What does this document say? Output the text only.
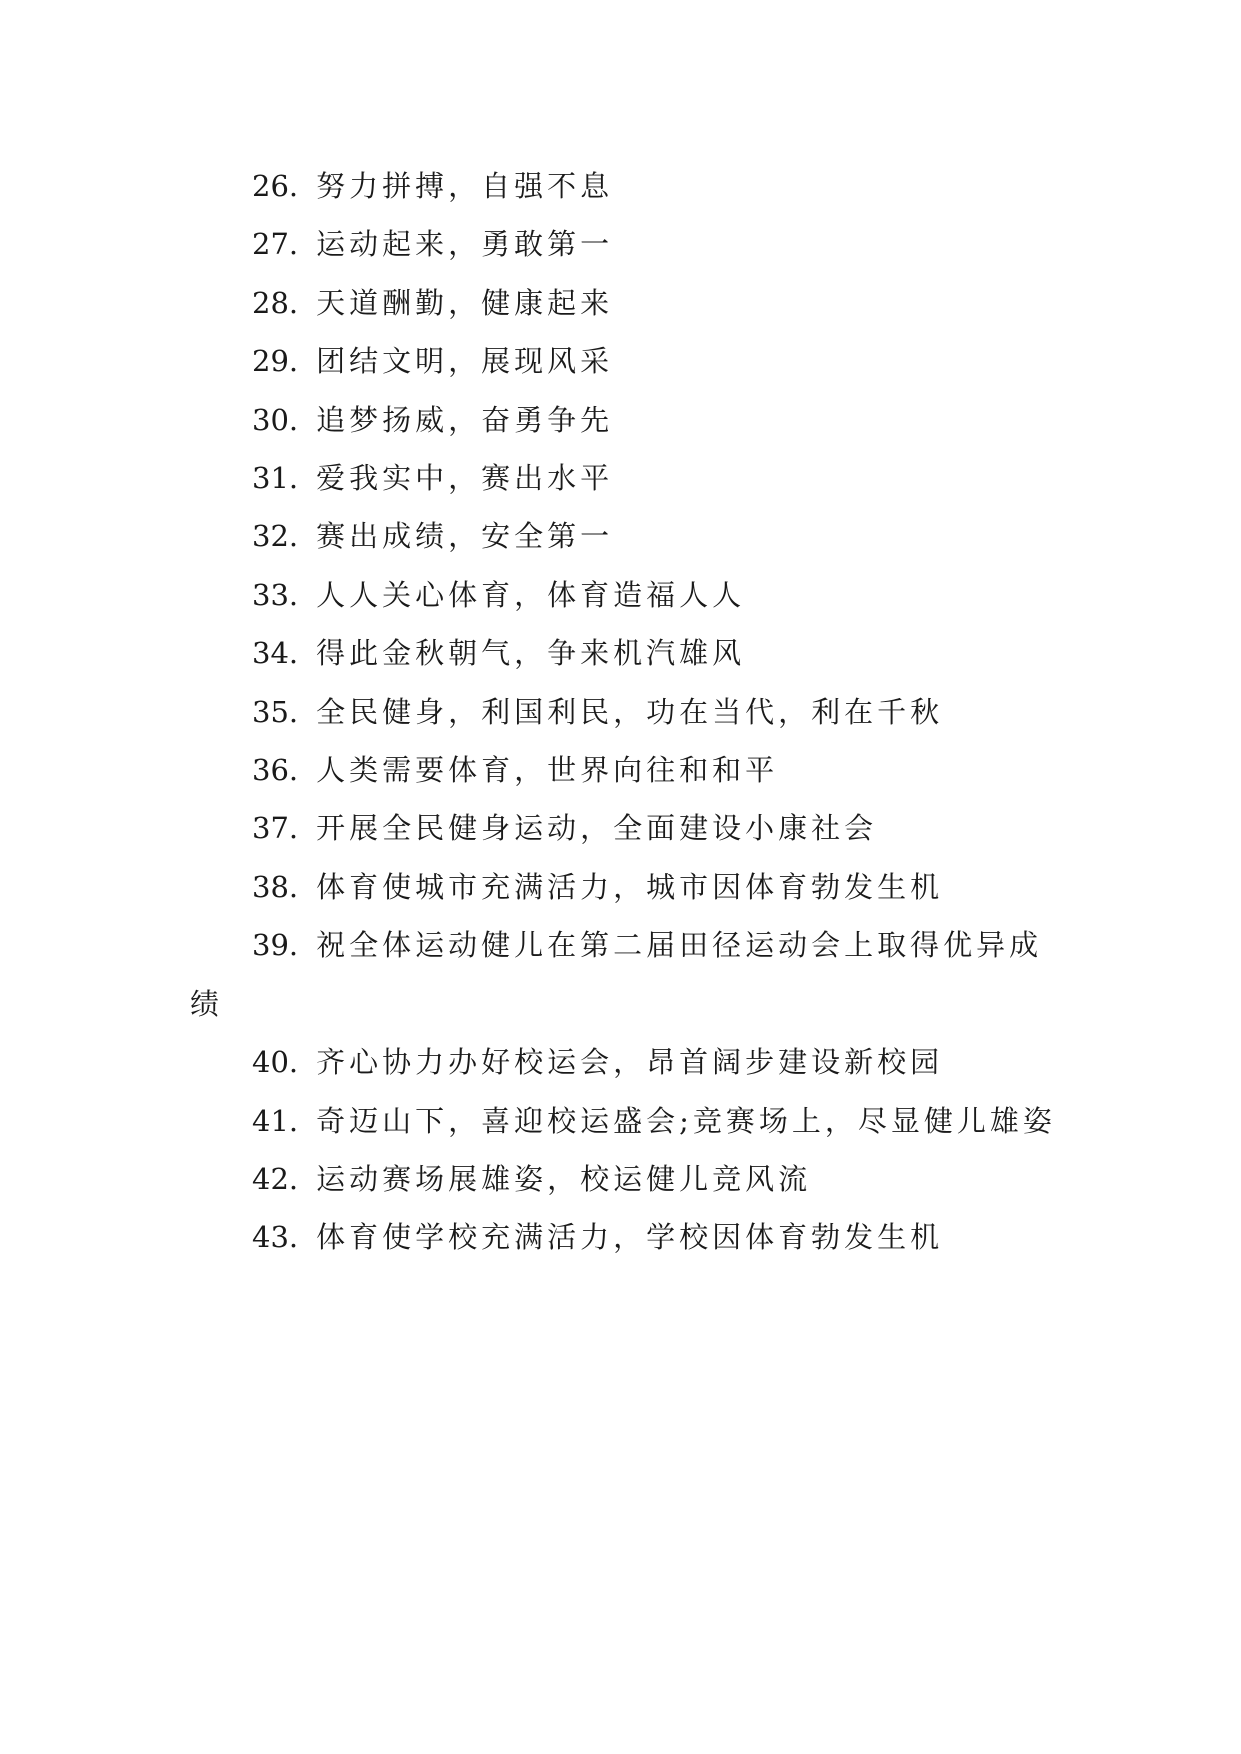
26. 努力拼搏，自强不息

27. 运动起来，勇敢第一

28. 天道酬勤，健康起来

29. 团结文明，展现风采

30. 追梦扬威，奋勇争先

31. 爱我实中，赛出水平

32. 赛出成绩，安全第一

33. 人人关心体育，体育造福人人

34. 得此金秋朝气，争来机汽雄风

35. 全民健身，利国利民，功在当代，利在千秋

36. 人类需要体育，世界向往和和平

37. 开展全民健身运动，全面建设小康社会

38. 体育使城市充满活力，城市因体育勃发生机

39. 祝全体运动健儿在第二届田径运动会上取得优异成绩

40. 齐心协力办好校运会，昂首阔步建设新校园

41. 奇迈山下，喜迎校运盛会;竞赛场上，尽显健儿雄姿

42. 运动赛场展雄姿，校运健儿竞风流

43. 体育使学校充满活力，学校因体育勃发生机
